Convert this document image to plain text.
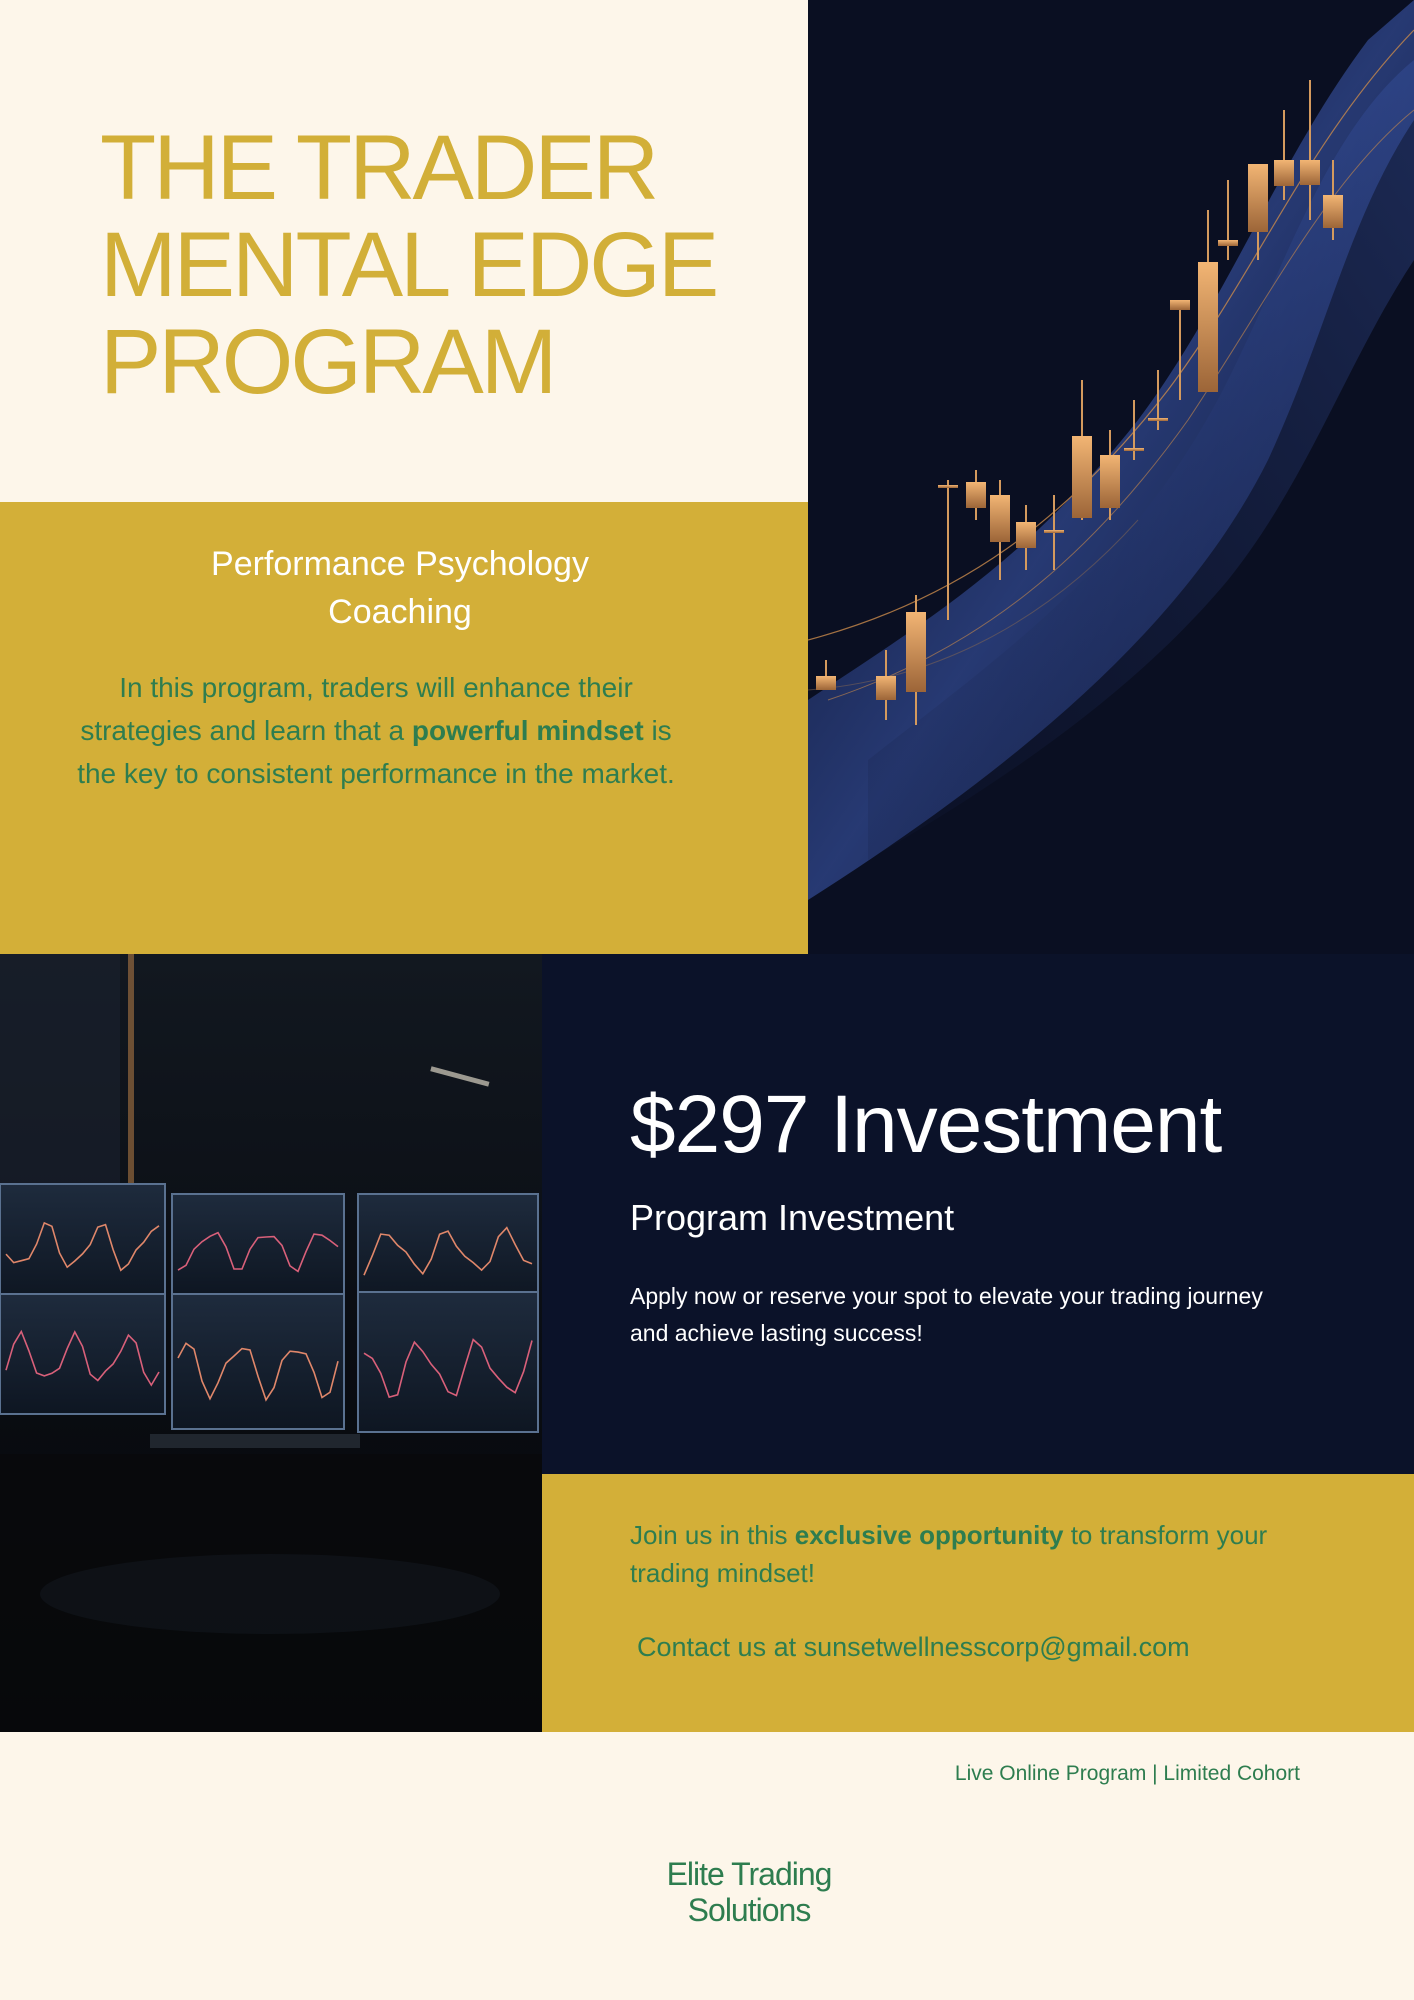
THE TRADER
MENTAL EDGE
PROGRAM
Performance Psychology
Coaching
In this program, traders will enhance their strategies and learn that a powerful mindset is the key to consistent performance in the market.
$297 Investment
Program Investment
Apply now or reserve your spot to elevate your trading journey and achieve lasting success!
Join us in this exclusive opportunity to transform your trading mindset!
Contact us at sunsetwellnesscorp@gmail.com
Live Online Program | Limited Cohort
Elite Trading
Solutions
